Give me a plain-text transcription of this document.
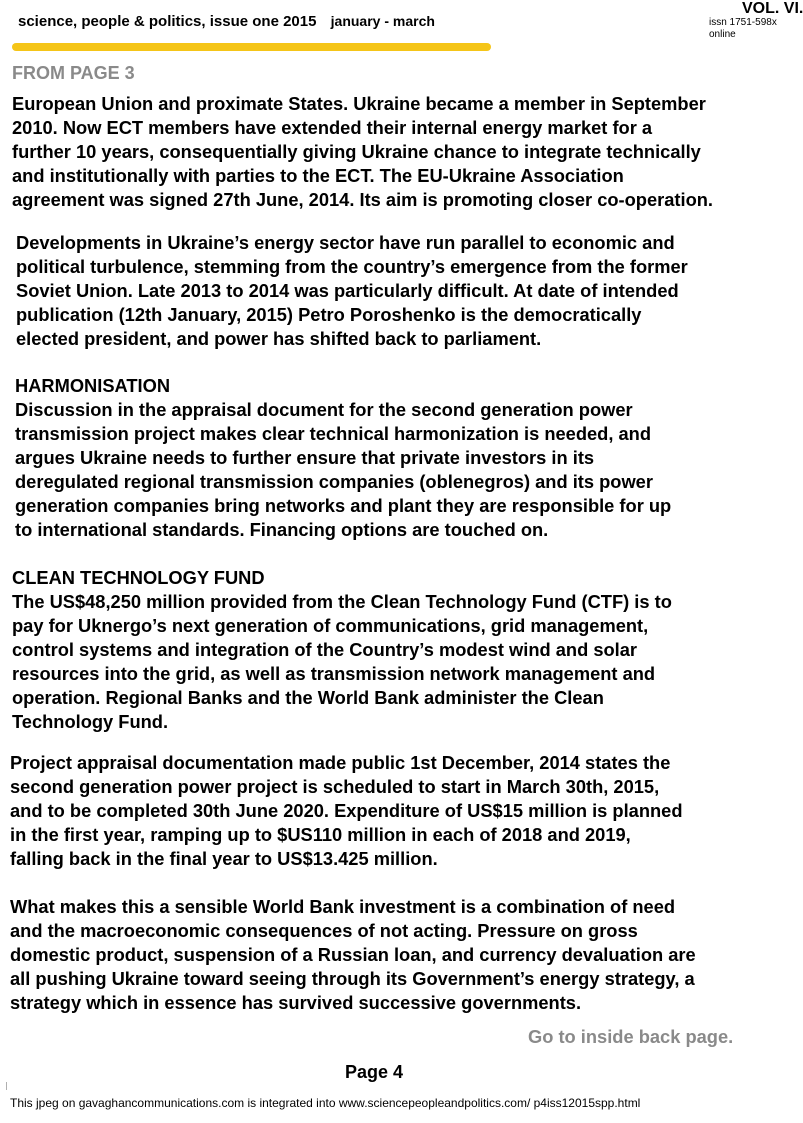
science, people & politics, issue one 2015 january - march
VOL. VI.
issn 1751-598x
online
FROM PAGE 3

European Union and proximate States. Ukraine became a member in September
2010. Now ECT members have extended their internal energy market for a
further 10 years, consequentially giving Ukraine chance to integrate technically
and institutionally with parties to the ECT. The EU-Ukraine Association
agreement was signed 27th June, 2014. Its aim is promoting closer co-operation.

Developments in Ukraine’s energy sector have run parallel to economic and
political turbulence, stemming from the country’s emergence from the former
Soviet Union. Late 2013 to 2014 was particularly difficult. At date of intended
publication (12th January, 2015) Petro Poroshenko is the democratically
elected president, and power has shifted back to parliament.

HARMONISATION
Discussion in the appraisal document for the second generation power
transmission project makes clear technical harmonization is needed, and
argues Ukraine needs to further ensure that private investors in its
deregulated regional transmission companies (oblenegros) and its power
generation companies bring networks and plant they are responsible for up
to international standards. Financing options are touched on.

CLEAN TECHNOLOGY FUND
The US$48,250 million provided from the Clean Technology Fund (CTF) is to
pay for Uknergo’s next generation of communications, grid management,
control systems and integration of the Country’s modest wind and solar
resources into the grid, as well as transmission network management and
operation. Regional Banks and the World Bank administer the Clean
Technology Fund.

Project appraisal documentation made public 1st December, 2014 states the
second generation power project is scheduled to start in March 30th, 2015,
and to be completed 30th June 2020. Expenditure of US$15 million is planned
in the first year, ramping up to $US110 million in each of 2018 and 2019,
falling back in the final year to US$13.425 million.

What makes this a sensible World Bank investment is a combination of need
and the macroeconomic consequences of not acting. Pressure on gross
domestic product, suspension of a Russian loan, and currency devaluation are
all pushing Ukraine toward seeing through its Government’s energy strategy, a
strategy which in essence has survived successive governments.

Go to inside back page.
Page 4
This jpeg on gavaghancommunications.com is integrated into www.sciencepeopleandpolitics.com/ p4iss12015spp.html
